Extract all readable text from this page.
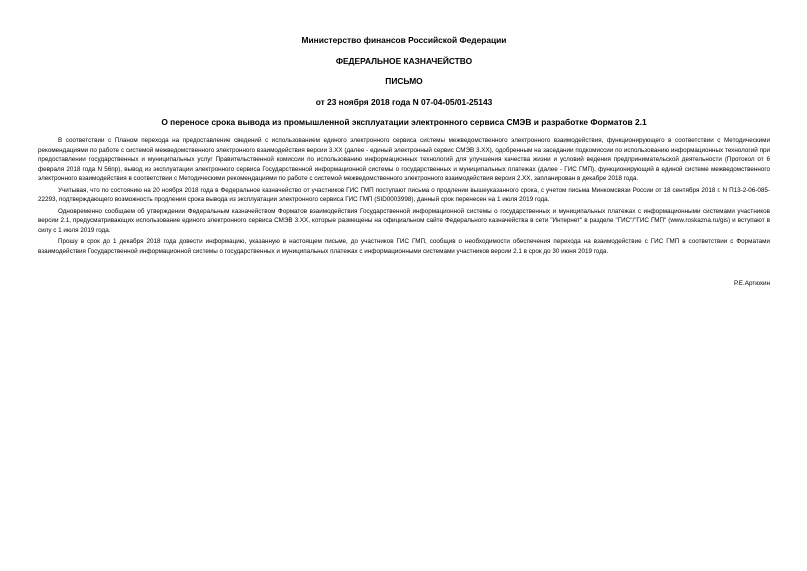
Министерство финансов Российской Федерации
ФЕДЕРАЛЬНОЕ КАЗНАЧЕЙСТВО
ПИСЬМО
от 23 ноября 2018 года N 07-04-05/01-25143
О переносе срока вывода из промышленной эксплуатации электронного сервиса СМЭВ и разработке Форматов 2.1

В соответствии с Планом перехода на предоставление сведений с использованием единого электронного сервиса системы межведомственного электронного взаимодействия, функционирующего в соответствии с Методическими рекомендациями по работе с системой межведомственного электронного взаимодействия версии 3.ХХ (далее - единый электронный сервис СМЭВ 3.ХХ), одобренным на заседании подкомиссии по использованию информационных технологий при предоставлении государственных и муниципальных услуг Правительственной комиссии по использованию информационных технологий для улучшения качества жизни и условий ведения предпринимательской деятельности (Протокол от 6 февраля 2018 года N 56пр), вывод из эксплуатации электронного сервиса Государственной информационной системы о государственных и муниципальных платежах (далее - ГИС ГМП), функционирующий в единой системе межведомственного электронного взаимодействия в соответствии с Методическими рекомендациями по работе с системой межведомственного электронного взаимодействия версия 2.ХХ, запланирован в декабре 2018 года.

Учитывая, что по состоянию на 20 ноября 2018 года в Федеральное казначейство от участников ГИС ГМП поступают письма о продлении вышеуказанного срока, с учетом письма Минкомсвязи России от 18 сентября 2018 г. N П13-2-06-085-22293, подтверждающего возможность продления срока вывода из эксплуатации электронного сервиса ГИС ГМП (SID0003998), данный срок перенесен на 1 июля 2019 года.

Одновременно сообщаем об утверждении Федеральным казначейством Форматов взаимодействия Государственной информационной системы о государственных и муниципальных платежах с информационными системами участников версии 2.1, предусматривающих использование единого электронного сервиса СМЭВ 3.ХХ, которые размещены на официальном сайте Федерального казначейства в сети "Интернет" в разделе "ГИС"/"ГИС ГМП" (www.roskazna.ru/gis) и вступают в силу с 1 июля 2019 года.

Прошу в срок до 1 декабря 2018 года довести информацию, указанную в настоящем письме, до участников ГИС ГМП, сообщив о необходимости обеспечения перехода на взаимодействие с ГИС ГМП в соответствии с Форматами взаимодействия Государственной информационной системы о государственных и муниципальных платежах с информационными системами участников версии 2.1 в срок до 30 июня 2019 года.

Р.Е.Артюхин
